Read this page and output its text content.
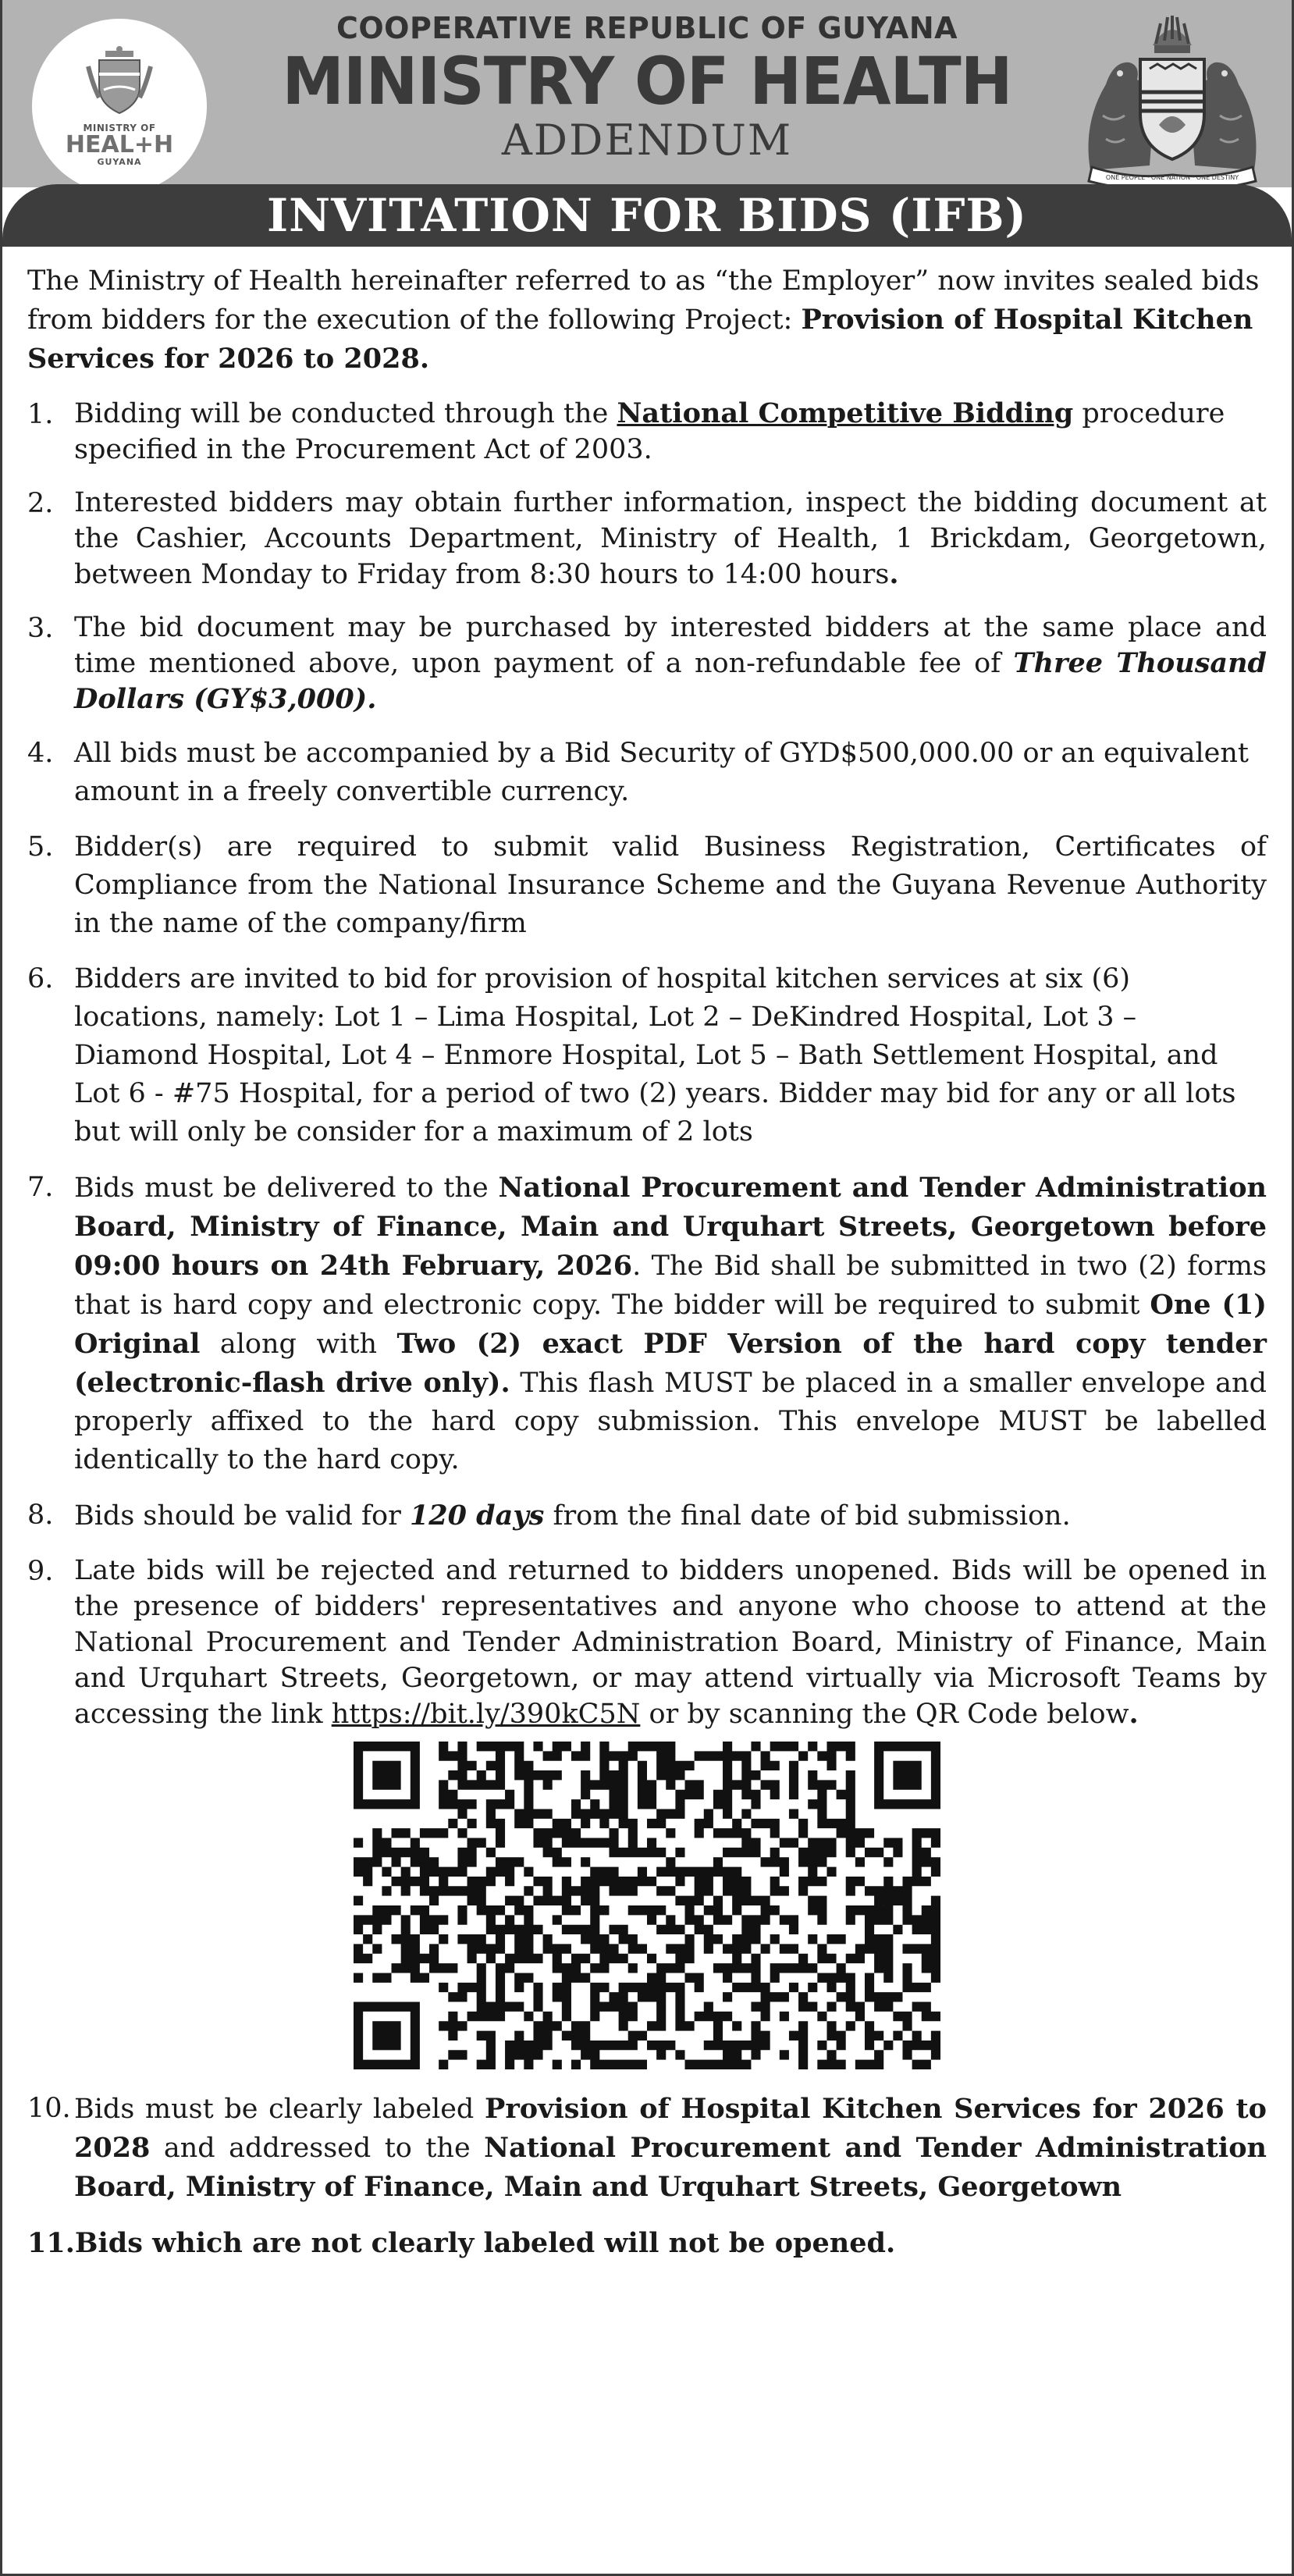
MINISTRY OF
HEAL+H
GUYANA
COOPERATIVE REPUBLIC OF GUYANA
MINISTRY OF HEALTH
ADDENDUM
ONE PEOPLE · ONE NATION · ONE DESTINY
INVITATION FOR BIDS (IFB)

The Ministry of Health hereinafter referred to as “the Employer” now invites sealed bids from bidders for the execution of the following Project: Provision of Hospital Kitchen Services for 2026 to 2028.

1. Bidding will be conducted through the National Competitive Bidding procedure specified in the Procurement Act of 2003.
2. Interested bidders may obtain further information, inspect the bidding document at the Cashier, Accounts Department, Ministry of Health, 1 Brickdam, Georgetown, between Monday to Friday from 8:30 hours to 14:00 hours.
3. The bid document may be purchased by interested bidders at the same place and time mentioned above, upon payment of a non-refundable fee of Three Thousand Dollars (GY$3,000).
4. All bids must be accompanied by a Bid Security of GYD$500,000.00 or an equivalent amount in a freely convertible currency.
5. Bidder(s) are required to submit valid Business Registration, Certificates of Compliance from the National Insurance Scheme and the Guyana Revenue Authority in the name of the company/firm
6. Bidders are invited to bid for provision of hospital kitchen services at six (6) locations, namely: Lot 1 – Lima Hospital, Lot 2 – DeKindred Hospital, Lot 3 – Diamond Hospital, Lot 4 – Enmore Hospital, Lot 5 – Bath Settlement Hospital, and Lot 6 - #75 Hospital, for a period of two (2) years. Bidder may bid for any or all lots but will only be consider for a maximum of 2 lots
7. Bids must be delivered to the National Procurement and Tender Administration Board, Ministry of Finance, Main and Urquhart Streets, Georgetown before 09:00 hours on 24th February, 2026. The Bid shall be submitted in two (2) forms that is hard copy and electronic copy. The bidder will be required to submit One (1) Original along with Two (2) exact PDF Version of the hard copy tender (electronic-flash drive only). This flash MUST be placed in a smaller envelope and properly affixed to the hard copy submission. This envelope MUST be labelled identically to the hard copy.
8. Bids should be valid for 120 days from the final date of bid submission.
9. Late bids will be rejected and returned to bidders unopened. Bids will be opened in the presence of bidders' representatives and anyone who choose to attend at the National Procurement and Tender Administration Board, Ministry of Finance, Main and Urquhart Streets, Georgetown, or may attend virtually via Microsoft Teams by accessing the link https://bit.ly/390kC5N or by scanning the QR Code below.
10. Bids must be clearly labeled Provision of Hospital Kitchen Services for 2026 to 2028 and addressed to the National Procurement and Tender Administration Board, Ministry of Finance, Main and Urquhart Streets, Georgetown
11. Bids which are not clearly labeled will not be opened.
